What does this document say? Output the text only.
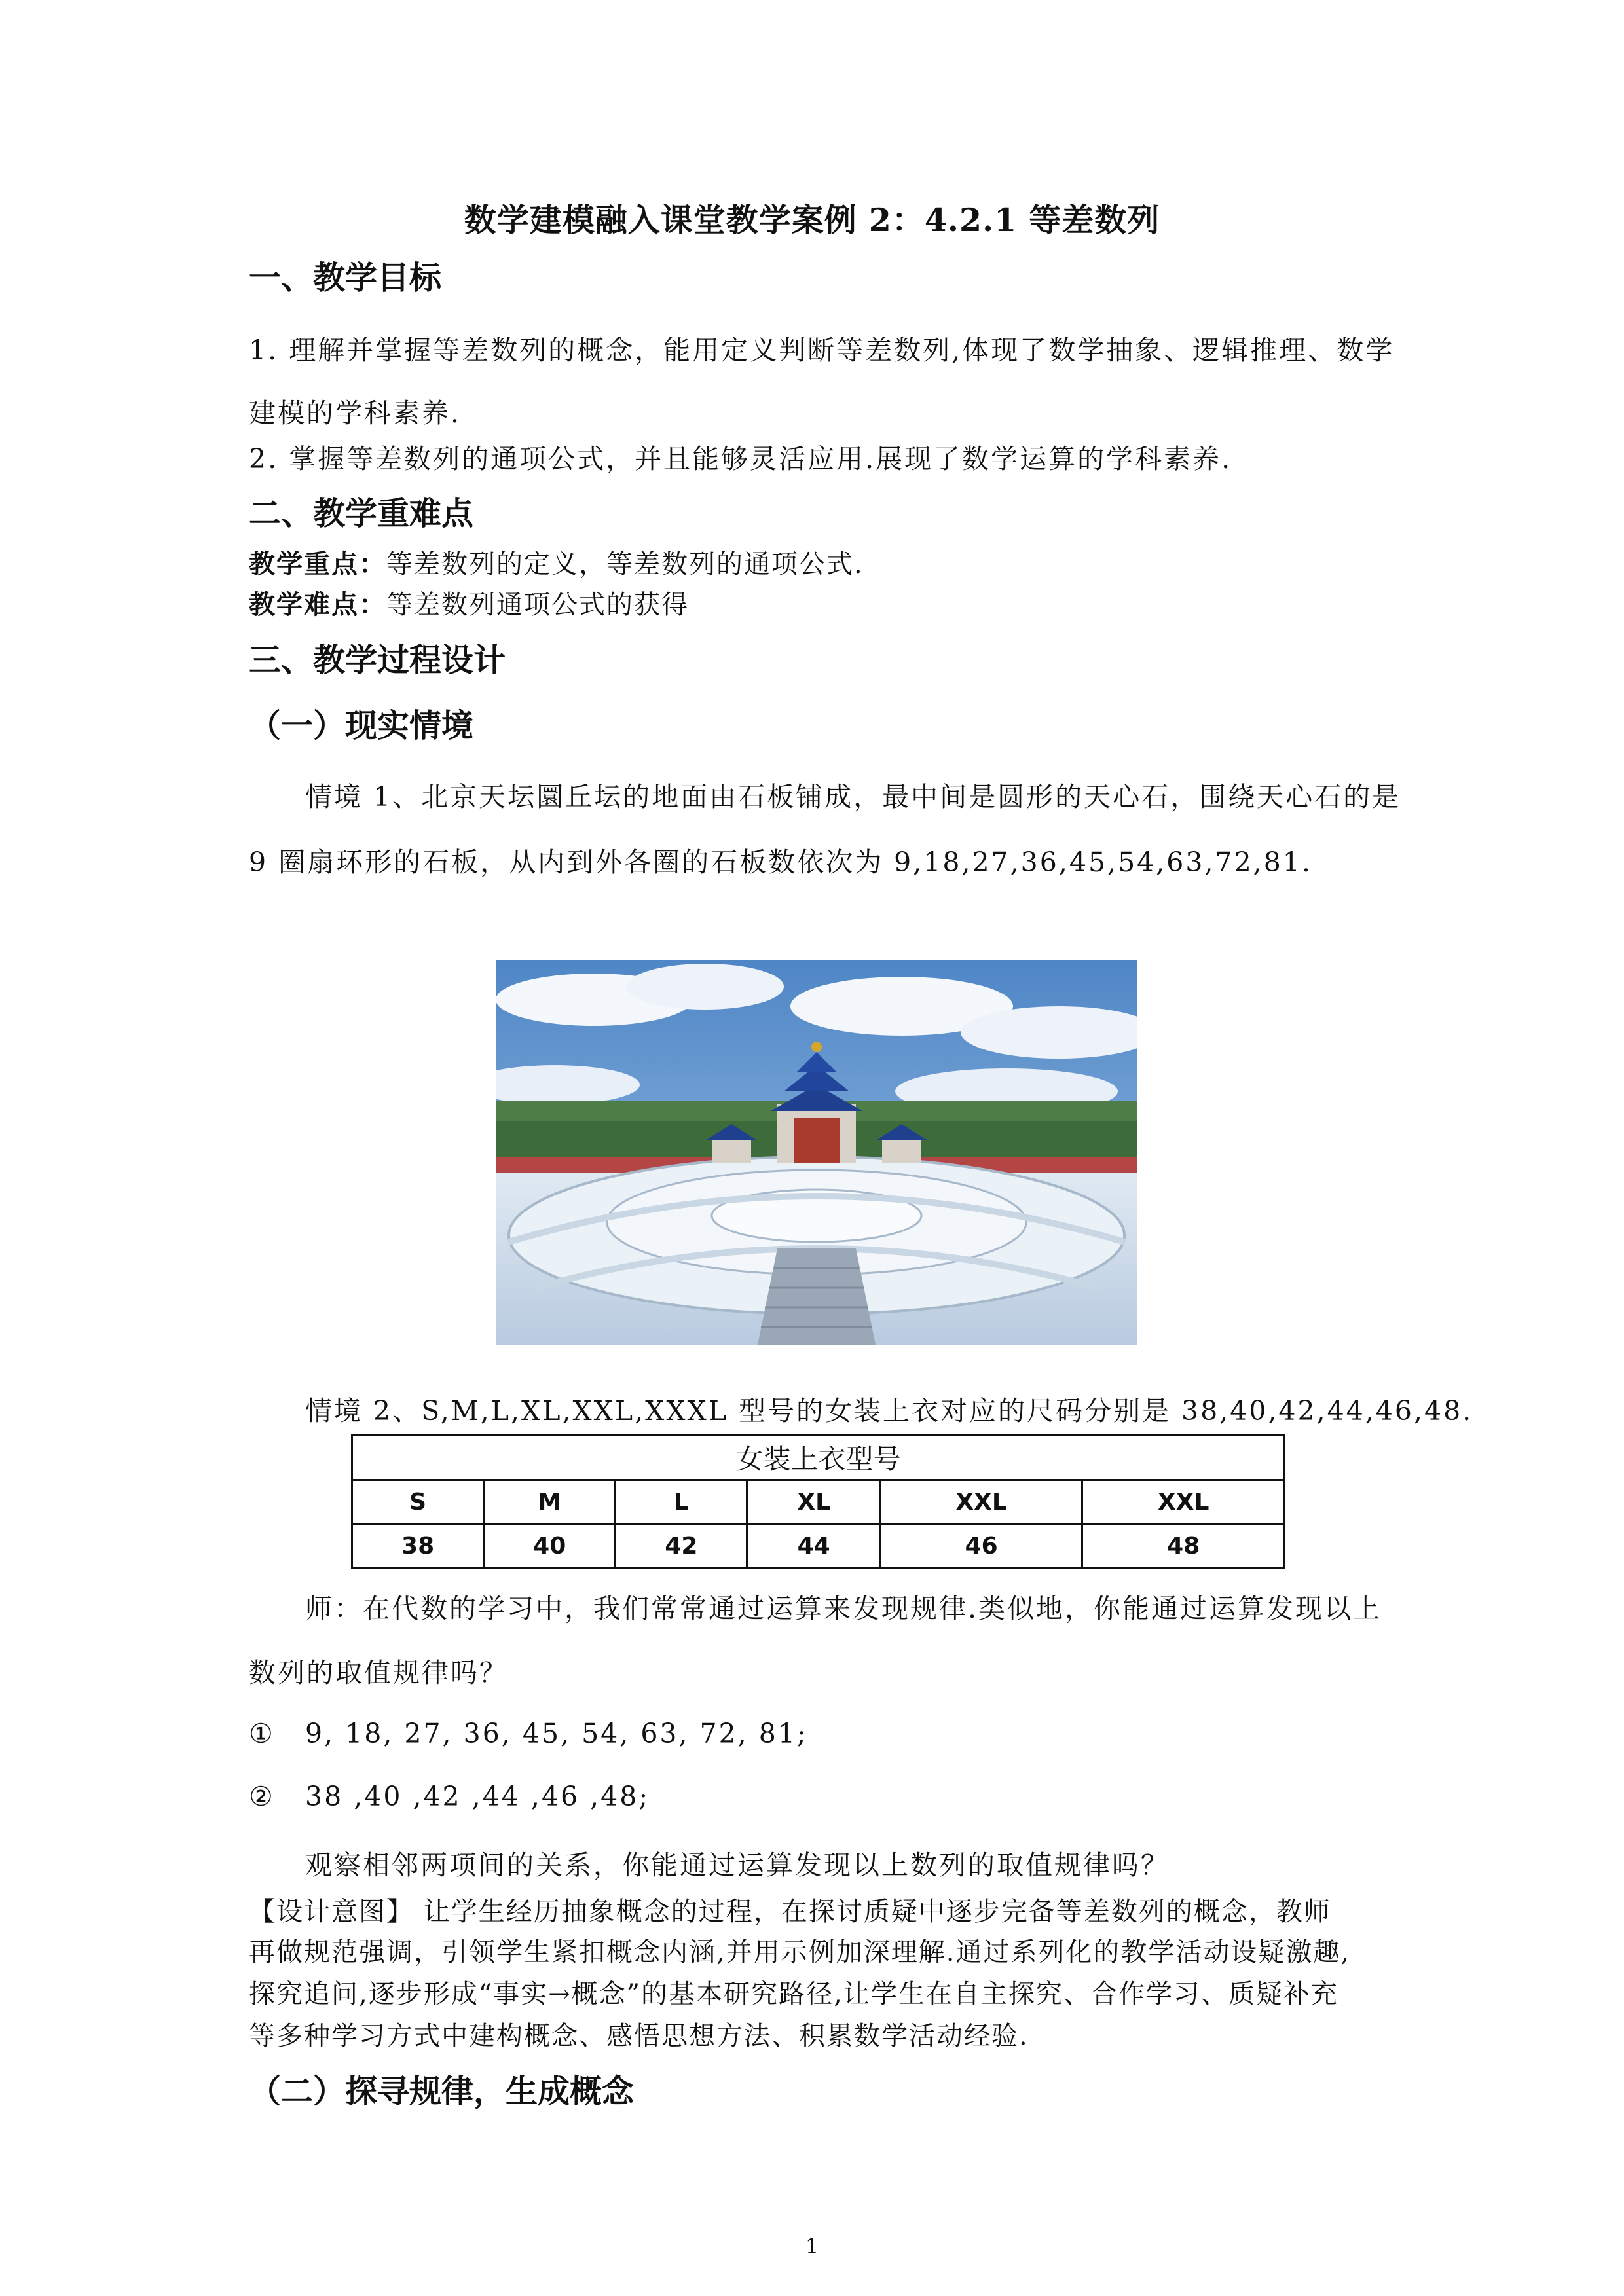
数学建模融入课堂教学案例 2：4.2.1 等差数列
一、教学目标
1. 理解并掌握等差数列的概念，能用定义判断等差数列,体现了数学抽象、逻辑推理、数学
建模的学科素养.
2. 掌握等差数列的通项公式，并且能够灵活应用.展现了数学运算的学科素养.
二、教学重难点
教学重点：等差数列的定义，等差数列的通项公式.
教学难点：等差数列通项公式的获得
三、教学过程设计
（一）现实情境
情境 1、北京天坛圜丘坛的地面由石板铺成，最中间是圆形的天心石，围绕天心石的是
9 圈扇环形的石板，从内到外各圈的石板数依次为 9,18,27,36,45,54,63,72,81.
情境 2、S,M,L,XL,XXL,XXXL 型号的女装上衣对应的尺码分别是 38,40,42,44,46,48.
女装上衣型号					
S	M	L	XL	XXL	XXL
38	40	42	44	46	48
师：在代数的学习中，我们常常通过运算来发现规律.类似地，你能通过运算发现以上
数列的取值规律吗？
① 9, 18, 27, 36, 45, 54, 63, 72, 81;
② 38 ,40 ,42 ,44 ,46 ,48;
观察相邻两项间的关系，你能通过运算发现以上数列的取值规律吗？
【设计意图】 让学生经历抽象概念的过程，在探讨质疑中逐步完备等差数列的概念，教师
再做规范强调，引领学生紧扣概念内涵,并用示例加深理解.通过系列化的教学活动设疑激趣,
探究追问,逐步形成“事实→概念”的基本研究路径,让学生在自主探究、合作学习、质疑补充
等多种学习方式中建构概念、感悟思想方法、积累数学活动经验.
（二）探寻规律，生成概念
1
